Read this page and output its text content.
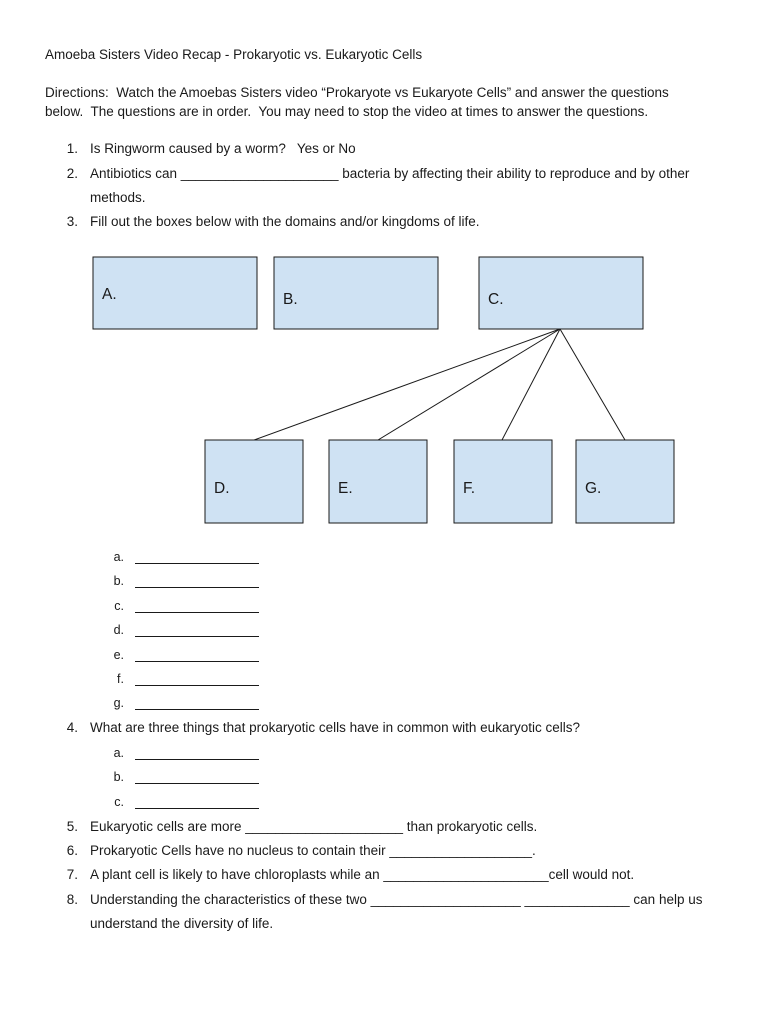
Amoeba Sisters Video Recap - Prokaryotic vs. Eukaryotic Cells
Directions:  Watch the Amoebas Sisters video “Prokaryote vs Eukaryote Cells” and answer the questions
below.  The questions are in order.  You may need to stop the video at times to answer the questions.
1. Is Ringworm caused by a worm?   Yes or No
2. Antibiotics can _____________________ bacteria by affecting their ability to reproduce and by other
methods.
3. Fill out the boxes below with the domains and/or kingdoms of life.
A.	B.	C.
D.	E.	F.	G.
a.
b.
c.
d.
e.
f.
g.
4. What are three things that prokaryotic cells have in common with eukaryotic cells?
a.
b.
c.
5. Eukaryotic cells are more _____________________ than prokaryotic cells.
6. Prokaryotic Cells have no nucleus to contain their ___________________.
7. A plant cell is likely to have chloroplasts while an ______________________cell would not.
8. Understanding the characteristics of these two ____________________ ______________ can help us
understand the diversity of life.
